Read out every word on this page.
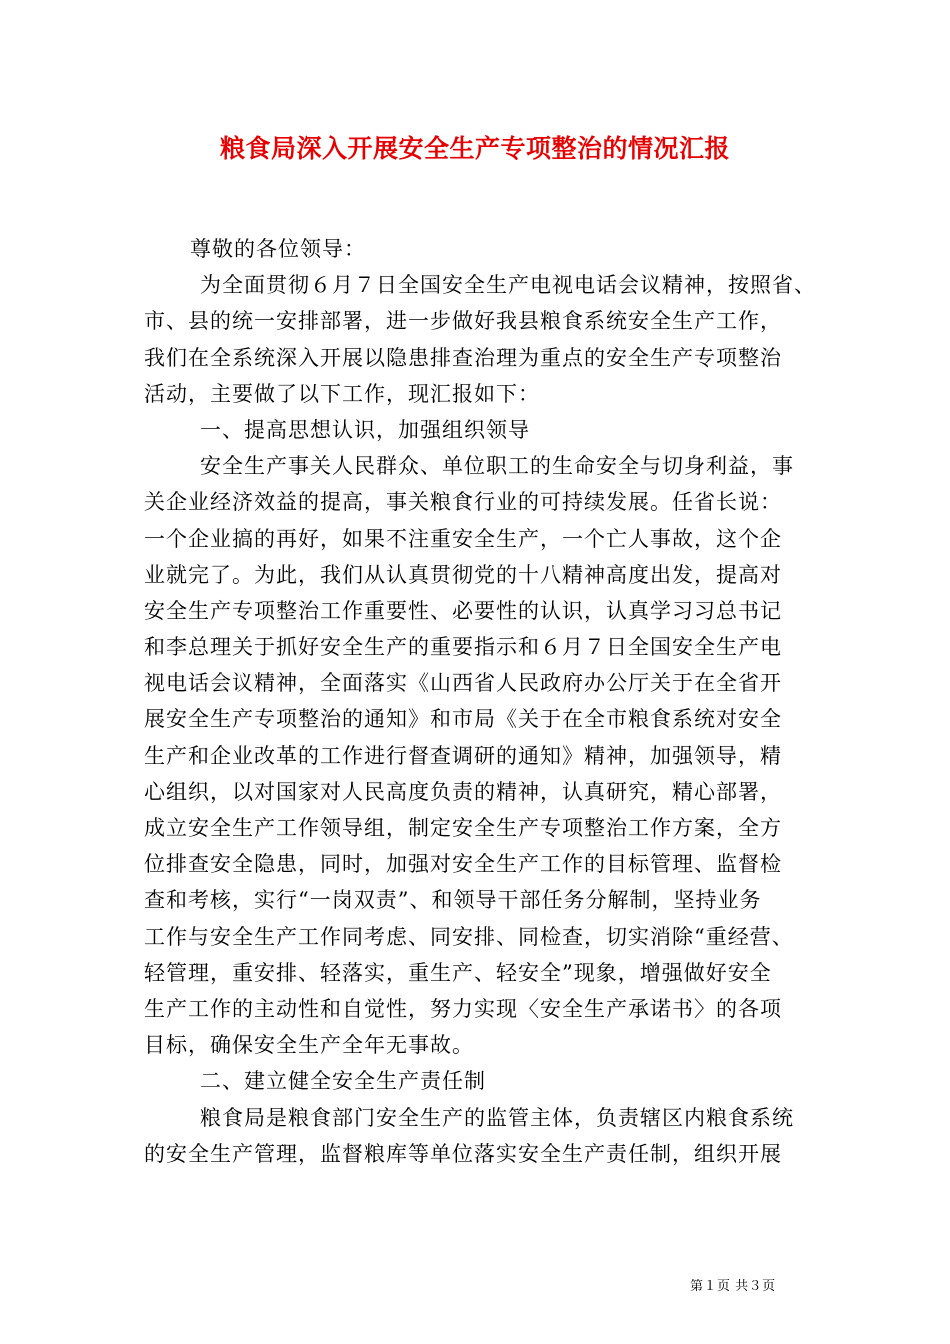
粮食局深入开展安全生产专项整治的情况汇报
尊敬的各位领导：
为全面贯彻６月７日全国安全生产电视电话会议精神，按照省、
市、县的统一安排部署，进一步做好我县粮食系统安全生产工作，
我们在全系统深入开展以隐患排查治理为重点的安全生产专项整治
活动，主要做了以下工作，现汇报如下：
一、提高思想认识，加强组织领导
安全生产事关人民群众、单位职工的生命安全与切身利益，事
关企业经济效益的提高，事关粮食行业的可持续发展。任省长说：
一个企业搞的再好，如果不注重安全生产，一个亡人事故，这个企
业就完了。为此，我们从认真贯彻党的十八精神高度出发，提高对
安全生产专项整治工作重要性、必要性的认识，认真学习习总书记
和李总理关于抓好安全生产的重要指示和６月７日全国安全生产电
视电话会议精神，全面落实《山西省人民政府办公厅关于在全省开
展安全生产专项整治的通知》和市局《关于在全市粮食系统对安全
生产和企业改革的工作进行督查调研的通知》精神，加强领导，精
心组织，以对国家对人民高度负责的精神，认真研究，精心部署，
成立安全生产工作领导组，制定安全生产专项整治工作方案，全方
位排查安全隐患，同时，加强对安全生产工作的目标管理、监督检
查和考核，实行“一岗双责”、和领导干部任务分解制，坚持业务
工作与安全生产工作同考虑、同安排、同检查，切实消除“重经营、
轻管理，重安排、轻落实，重生产、轻安全”现象，增强做好安全
生产工作的主动性和自觉性，努力实现〈安全生产承诺书〉的各项
目标，确保安全生产全年无事故。
二、建立健全安全生产责任制
粮食局是粮食部门安全生产的监管主体，负责辖区内粮食系统
的安全生产管理，监督粮库等单位落实安全生产责任制，组织开展
第１页 共３页
